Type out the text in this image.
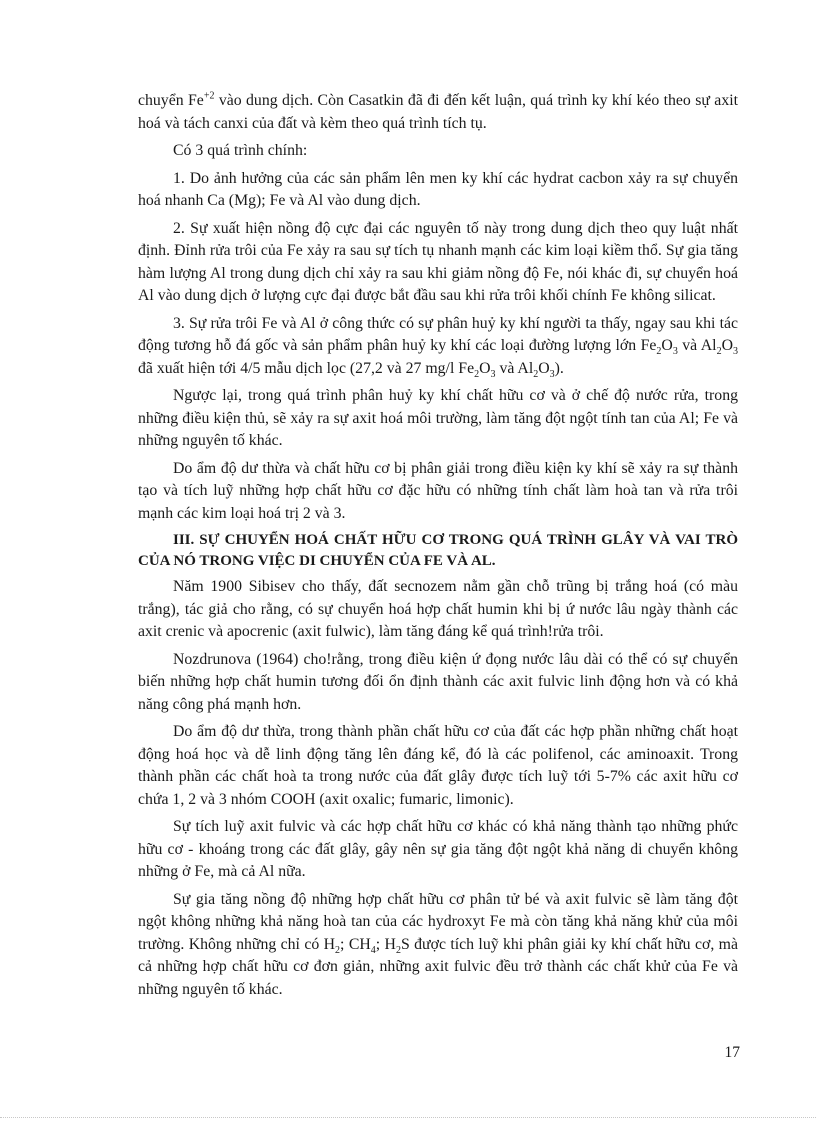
chuyển $Fe^{+2}$ vào dung dịch. Còn Casatkin đã đi đến kết luận, quá trình ky khí kéo theo sự axit hoá và tách canxi của đất và kèm theo quá trình tích tụ.

Có 3 quá trình chính:

1. Do ảnh hưởng của các sản phẩm lên men ky khí các hydrat cacbon xảy ra sự chuyển hoá nhanh Ca (Mg); Fe và Al vào dung dịch.

2. Sự xuất hiện nồng độ cực đại các nguyên tố này trong dung dịch theo quy luật nhất định. Đỉnh rửa trôi của Fe xảy ra sau sự tích tụ nhanh mạnh các kim loại kiềm thổ. Sự gia tăng hàm lượng Al trong dung dịch chỉ xảy ra sau khi giảm nồng độ Fe, nói khác đi, sự chuyển hoá Al vào dung dịch ở lượng cực đại được bắt đầu sau khi rửa trôi khối chính Fe không silicat.

3. Sự rửa trôi Fe và Al ở công thức có sự phân huỷ ky khí người ta thấy, ngay sau khi tác động tương hỗ đá gốc và sản phẩm phân huỷ ky khí các loại đường lượng lớn $Fe_2O_3$ và $Al_2O_3$ đã xuất hiện tới 4/5 mẫu dịch lọc (27,2 và 27 mg/l $Fe_2O_3$ và $Al_2O_3$).

Ngược lại, trong quá trình phân huỷ ky khí chất hữu cơ và ở chế độ nước rửa, trong những điều kiện thủ, sẽ xảy ra sự axit hoá môi trường, làm tăng đột ngột tính tan của Al; Fe và những nguyên tố khác.

Do ẩm độ dư thừa và chất hữu cơ bị phân giải trong điều kiện ky khí sẽ xảy ra sự thành tạo và tích luỹ những hợp chất hữu cơ đặc hữu có những tính chất làm hoà tan và rửa trôi mạnh các kim loại hoá trị 2 và 3.

III. SỰ CHUYỂN HOÁ CHẤT HỮU CƠ TRONG QUÁ TRÌNH GLÂY VÀ VAI TRÒ CỦA NÓ TRONG VIỆC DI CHUYỂN CỦA FE VÀ AL.

Năm 1900 Sibisev cho thấy, đất secnozem nằm gần chỗ trũng bị trắng hoá (có màu trắng), tác giả cho rằng, có sự chuyển hoá hợp chất humin khi bị ứ nước lâu ngày thành các axit crenic và apocrenic (axit fulwic), làm tăng đáng kể quá trình!rửa trôi.

Nozdrunova (1964) cho!rằng, trong điều kiện ứ đọng nước lâu dài có thể có sự chuyển biến những hợp chất humin tương đối ổn định thành các axit fulvic linh động hơn và có khả năng công phá mạnh hơn.

Do ẩm độ dư thừa, trong thành phần chất hữu cơ của đất các hợp phần những chất hoạt động hoá học và dễ linh động tăng lên đáng kể, đó là các polifenol, các aminoaxit. Trong thành phần các chất hoà ta trong nước của đất glây được tích luỹ tới 5-7% các axit hữu cơ chứa 1, 2 và 3 nhóm COOH (axit oxalic; fumaric, limonic).

Sự tích luỹ axit fulvic và các hợp chất hữu cơ khác có khả năng thành tạo những phức hữu cơ - khoáng trong các đất glây, gây nên sự gia tăng đột ngột khả năng di chuyển không những ở Fe, mà cả Al nữa.

Sự gia tăng nồng độ những hợp chất hữu cơ phân tử bé và axit fulvic sẽ làm tăng đột ngột không những khả năng hoà tan của các hydroxyt Fe mà còn tăng khả năng khử của môi trường. Không những chỉ có $H_2$; $CH_4$; $H_2S$ được tích luỹ khi phân giải ky khí chất hữu cơ, mà cả những hợp chất hữu cơ đơn giản, những axit fulvic đều trở thành các chất khử của Fe và những nguyên tố khác.

17
